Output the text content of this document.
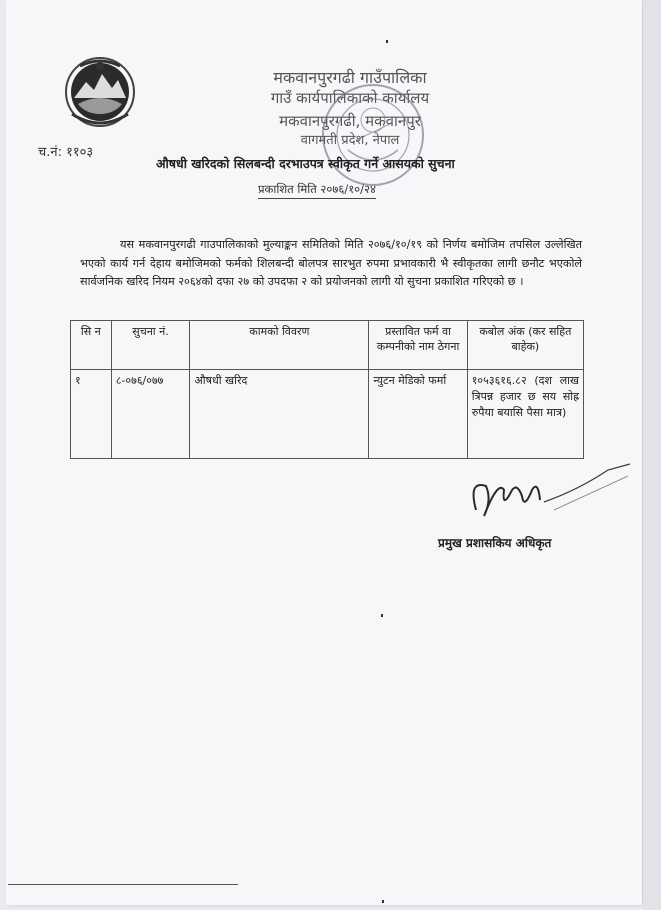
च.नं: ११०३
मकवानपुरगढी गाउँपालिका
गाउँ कार्यपालिकाको कार्यालय
मकवानपुरगढी, मकवानपुर
वागमती प्रदेश, नेपाल
औषधी खरिदको सिलबन्दी दरभाउपत्र स्वीकृत गर्ने आसयको सुचना
प्रकाशित मिति २०७६/१०/२४
यस मकवानपुरगढी गाउपालिकाको मुल्याङ्कन समितिको मिति २०७६/१०/१९ को निर्णय बमोजिम तपसिल उल्लेखित भएको कार्य गर्न देहाय बमोजिमको फर्मको शिलबन्दी बोलपत्र सारभुत रुपमा प्रभावकारी भै स्वीकृतका लागी छनौट भएकोले सार्वजनिक खरिद नियम २०६४को दफा २७ को उपदफा २ को प्रयोजनको लागी यो सुचना प्रकाशित गरिएको छ ।
सि न	सुचना नं.	कामको विवरण	प्रस्तावित फर्म वा कम्पनीको नाम ठेगना	कबोल अंक (कर सहित बाहेक)
१	८-०७६/०७७	औषधी खरिद	न्युटन मेडिको फर्मा	१०५३६१६.८२ (दश लाख त्रिपन्न हजार छ सय सोह्र रुपैया बयासि पैसा मात्र)
प्रमुख प्रशासकिय अधिकृत
